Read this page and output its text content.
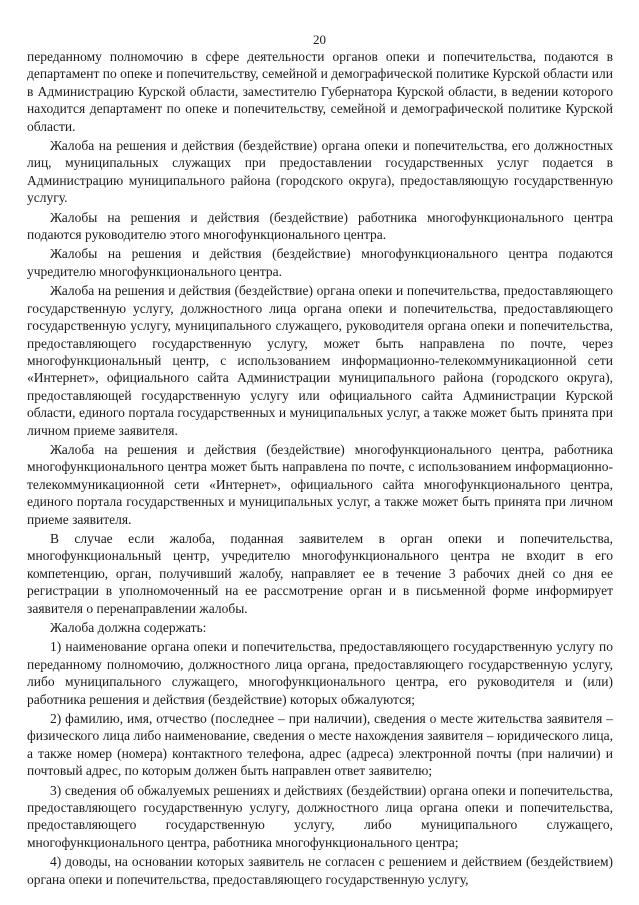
20

переданному полномочию в сфере деятельности органов опеки и попечительства, подаются в департамент по опеке и попечительству, семейной и демографической политике Курской области или в Администрацию Курской области, заместителю Губернатора Курской области, в ведении которого находится департамент по опеке и попечительству, семейной и демографической политике Курской области.

Жалоба на решения и действия (бездействие) органа опеки и попечительства, его должностных лиц, муниципальных служащих при предоставлении государственных услуг подается в Администрацию муниципального района (городского округа), предоставляющую государственную услугу.

Жалобы на решения и действия (бездействие) работника многофункционального центра подаются руководителю этого многофункционального центра.

Жалобы на решения и действия (бездействие) многофункционального центра подаются учредителю многофункционального центра.

Жалоба на решения и действия (бездействие) органа опеки и попечительства, предоставляющего государственную услугу, должностного лица органа опеки и попечительства, предоставляющего государственную услугу, муниципального служащего, руководителя органа опеки и попечительства, предоставляющего государственную услугу, может быть направлена по почте, через многофункциональный центр, с использованием информационно-телекоммуникационной сети «Интернет», официального сайта Администрации муниципального района (городского округа), предоставляющей государственную услугу или официального сайта Администрации Курской области, единого портала государственных и муниципальных услуг, а также может быть принята при личном приеме заявителя.

Жалоба на решения и действия (бездействие) многофункционального центра, работника многофункционального центра может быть направлена по почте, с использованием информационно-телекоммуникационной сети «Интернет», официального сайта многофункционального центра, единого портала государственных и муниципальных услуг, а также может быть принята при личном приеме заявителя.

В случае если жалоба, поданная заявителем в орган опеки и попечительства, многофункциональный центр, учредителю многофункционального центра не входит в его компетенцию, орган, получивший жалобу, направляет ее в течение 3 рабочих дней со дня ее регистрации в уполномоченный на ее рассмотрение орган и в письменной форме информирует заявителя о перенаправлении жалобы.

Жалоба должна содержать:

1) наименование органа опеки и попечительства, предоставляющего государственную услугу по переданному полномочию, должностного лица органа, предоставляющего государственную услугу, либо муниципального служащего, многофункционального центра, его руководителя и (или) работника решения и действия (бездействие) которых обжалуются;

2) фамилию, имя, отчество (последнее – при наличии), сведения о месте жительства заявителя – физического лица либо наименование, сведения о месте нахождения заявителя – юридического лица, а также номер (номера) контактного телефона, адрес (адреса) электронной почты (при наличии) и почтовый адрес, по которым должен быть направлен ответ заявителю;

3) сведения об обжалуемых решениях и действиях (бездействии) органа опеки и попечительства, предоставляющего государственную услугу, должностного лица органа опеки и попечительства, предоставляющего государственную услугу, либо муниципального служащего, многофункционального центра, работника многофункционального центра;

4) доводы, на основании которых заявитель не согласен с решением и действием (бездействием) органа опеки и попечительства, предоставляющего государственную услугу,
